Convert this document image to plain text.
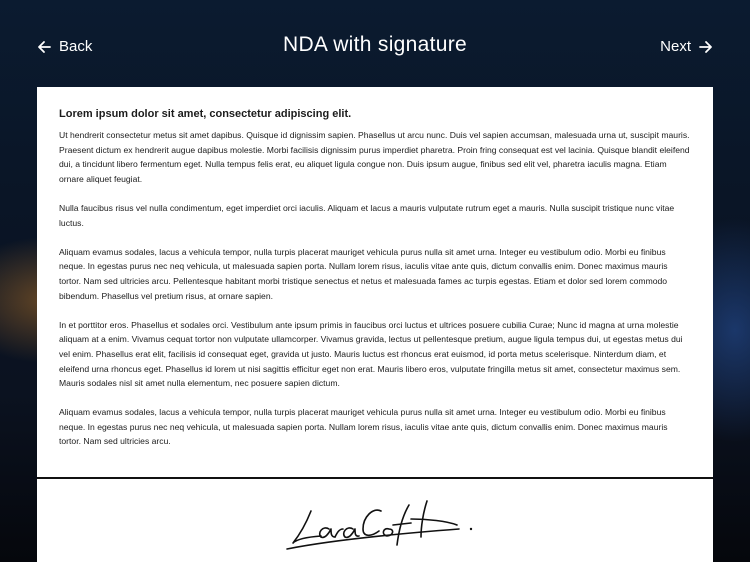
Back	NDA with signature	Next
Lorem ipsum dolor sit amet, consectetur adipiscing elit.

Ut hendrerit consectetur metus sit amet dapibus. Quisque id dignissim sapien. Phasellus ut arcu nunc. Duis vel sapien accumsan, malesuada urna ut, suscipit mauris. Praesent dictum ex hendrerit augue dapibus molestie. Morbi facilisis dignissim purus imperdiet pharetra. Proin fring consequat est vel lacinia. Quisque blandit eleifend dui, a tincidunt libero fermentum eget. Nulla tempus felis erat, eu aliquet ligula congue non. Duis ipsum augue, finibus sed elit vel, pharetra iaculis magna. Etiam ornare aliquet feugiat.

Nulla faucibus risus vel nulla condimentum, eget imperdiet orci iaculis. Aliquam et lacus a mauris vulputate rutrum eget a mauris. Nulla suscipit tristique nunc vitae luctus.

Aliquam evamus sodales, lacus a vehicula tempor, nulla turpis placerat mauriget vehicula purus nulla sit amet urna. Integer eu vestibulum odio. Morbi eu finibus neque. In egestas purus nec neq vehicula, ut malesuada sapien porta. Nullam lorem risus, iaculis vitae ante quis, dictum convallis enim. Donec maximus mauris tortor. Nam sed ultricies arcu. Pellentesque habitant morbi tristique senectus et netus et malesuada fames ac turpis egestas. Etiam et dolor sed lorem commodo bibendum. Phasellus vel pretium risus, at ornare sapien.

In et porttitor eros. Phasellus et sodales orci. Vestibulum ante ipsum primis in faucibus orci luctus et ultrices posuere cubilia Curae; Nunc id magna at urna molestie aliquam at a enim. Vivamus cequat tortor non vulputate ullamcorper. Vivamus gravida, lectus ut pellentesque pretium, augue ligula tempus dui, ut egestas metus dui vel enim. Phasellus erat elit, facilisis id consequat eget, gravida ut justo. Mauris luctus est rhoncus erat euismod, id porta metus scelerisque. Ninterdum diam, et eleifend urna rhoncus eget. Phasellus id lorem ut nisi sagittis efficitur eget non erat. Mauris libero eros, vulputate fringilla metus sit amet, consectetur maximus sem. Mauris sodales nisl sit amet nulla elementum, nec posuere sapien dictum.

Aliquam evamus sodales, lacus a vehicula tempor, nulla turpis placerat mauriget vehicula purus nulla sit amet urna. Integer eu vestibulum odio. Morbi eu finibus neque. In egestas purus nec neq vehicula, ut malesuada sapien porta. Nullam lorem risus, iaculis vitae ante quis, dictum convallis enim. Donec maximus mauris tortor. Nam sed ultricies arcu.
